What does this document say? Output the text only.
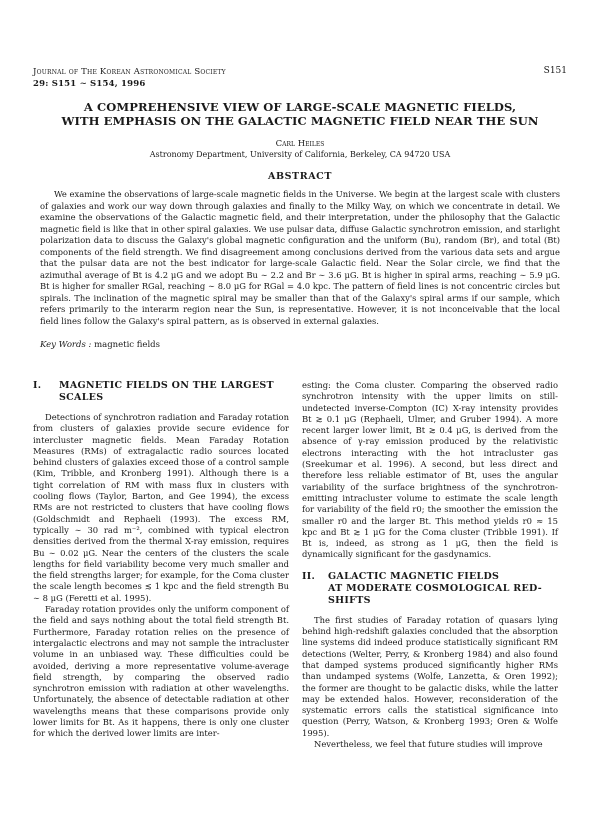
Journal of The Korean Astronomical Society
29: S151 ∼ S154, 1996
S151
A COMPREHENSIVE VIEW OF LARGE-SCALE MAGNETIC FIELDS,
WITH EMPHASIS ON THE GALACTIC MAGNETIC FIELD NEAR THE SUN
Carl Heiles
Astronomy Department, University of California, Berkeley, CA 94720 USA
ABSTRACT

We examine the observations of large-scale magnetic fields in the Universe. We begin at the largest scale with clusters of galaxies and work our way down through galaxies and finally to the Milky Way, on which we concentrate in detail. We examine the observations of the Galactic magnetic field, and their interpretation, under the philosophy that the Galactic magnetic field is like that in other spiral galaxies. We use pulsar data, diffuse Galactic synchrotron emission, and starlight polarization data to discuss the Galaxy's global magnetic configuration and the uniform (Bu), random (Br), and total (Bt) components of the field strength. We find disagreement among conclusions derived from the various data sets and argue that the pulsar data are not the best indicator for large-scale Galactic field. Near the Solar circle, we find that the azimuthal average of Bt is 4.2 μG and we adopt Bu ∼ 2.2 and Br ∼ 3.6 μG. Bt is higher in spiral arms, reaching ∼ 5.9 μG. Bt is higher for smaller RGal, reaching ∼ 8.0 μG for RGal = 4.0 kpc. The pattern of field lines is not concentric circles but spirals. The inclination of the magnetic spiral may be smaller than that of the Galaxy's spiral arms if our sample, which refers primarily to the interarm region near the Sun, is representative. However, it is not inconceivable that the local field lines follow the Galaxy's spiral pattern, as is observed in external galaxies.

Key Words : magnetic fields
I. MAGNETIC FIELDS ON THE LARGEST
SCALES

Detections of synchrotron radiation and Faraday rotation from clusters of galaxies provide secure evidence for intercluster magnetic fields. Mean Faraday Rotation Measures (RMs) of extragalactic radio sources located behind clusters of galaxies exceed those of a control sample (Kim, Tribble, and Kronberg 1991). Although there is a tight correlation of RM with mass flux in clusters with cooling flows (Taylor, Barton, and Gee 1994), the excess RMs are not restricted to clusters that have cooling flows (Goldschmidt and Rephaeli (1993). The excess RM, typically ∼ 30 rad m⁻², combined with typical electron densities derived from the thermal X-ray emission, requires Bu ∼ 0.02 μG. Near the centers of the clusters the scale lengths for field variability become very much smaller and the field strengths larger; for example, for the Coma cluster the scale length becomes ≲ 1 kpc and the field strength Bu ∼ 8 μG (Feretti et al. 1995).

Faraday rotation provides only the uniform component of the field and says nothing about the total field strength Bt. Furthermore, Faraday rotation relies on the presence of intergalactic electrons and may not sample the intracluster volume in an unbiased way. These difficulties could be avoided, deriving a more representative volume-average field strength, by comparing the observed radio synchrotron emission with radiation at other wavelengths. Unfortunately, the absence of detectable radiation at other wavelengths means that these comparisons provide only lower limits for Bt. As it happens, there is only one cluster for which the derived lower limits are inter-

esting: the Coma cluster. Comparing the observed radio synchrotron intensity with the upper limits on still-undetected inverse-Compton (IC) X-ray intensity provides Bt ≳ 0.1 μG (Rephaeli, Ulmer, and Gruber 1994). A more recent larger lower limit, Bt ≳ 0.4 μG, is derived from the absence of γ-ray emission produced by the relativistic electrons interacting with the hot intracluster gas (Sreekumar et al. 1996). A second, but less direct and therefore less reliable estimator of Bt, uses the angular variability of the surface brightness of the synchrotron-emitting intracluster volume to estimate the scale length for variability of the field r0; the smoother the emission the smaller r0 and the larger Bt. This method yields r0 ≈ 15 kpc and Bt ≳ 1 μG for the Coma cluster (Tribble 1991). If Bt is, indeed, as strong as 1 μG, then the field is dynamically significant for the gasdynamics.

II. GALACTIC MAGNETIC FIELDS
AT MODERATE COSMOLOGICAL RED-
SHIFTS

The first studies of Faraday rotation of quasars lying behind high-redshift galaxies concluded that the absorption line systems did indeed produce statistically significant RM detections (Welter, Perry, & Kronberg 1984) and also found that damped systems produced significantly higher RMs than undamped systems (Wolfe, Lanzetta, & Oren 1992); the former are thought to be galactic disks, while the latter may be extended halos. However, reconsideration of the systematic errors calls the statistical significance into question (Perry, Watson, & Kronberg 1993; Oren & Wolfe 1995).

Nevertheless, we feel that future studies will improve
